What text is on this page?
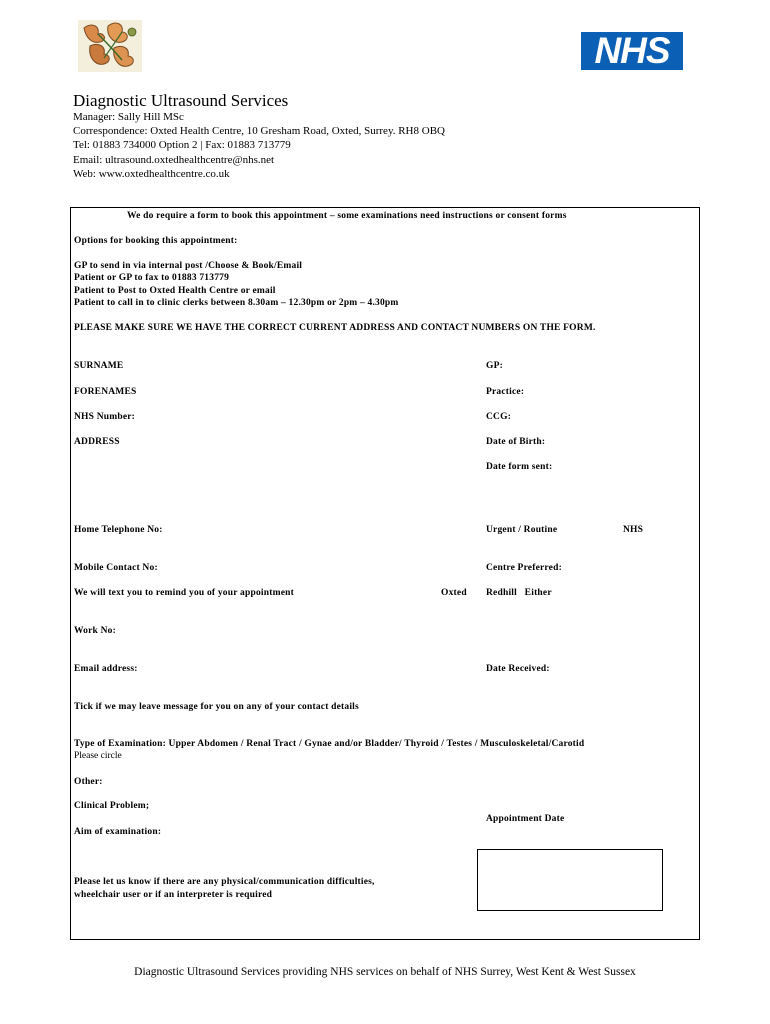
NHS
Diagnostic Ultrasound Services
Manager: Sally Hill MSc
Correspondence: Oxted Health Centre, 10 Gresham Road, Oxted, Surrey. RH8 OBQ
Tel: 01883 734000 Option 2 | Fax: 01883 713779
Email: ultrasound.oxtedhealthcentre@nhs.net
Web: www.oxtedhealthcentre.co.uk
We do require a form to book this appointment – some examinations need instructions or consent forms
Options for booking this appointment:
GP to send in via internal post /Choose & Book/Email
Patient or GP to fax to 01883 713779
Patient to Post to Oxted Health Centre or email
Patient to call in to clinic clerks between 8.30am – 12.30pm or 2pm – 4.30pm
PLEASE MAKE SURE WE HAVE THE CORRECT CURRENT ADDRESS AND CONTACT NUMBERS ON THE FORM.
SURNAME
FORENAMES
NHS Number:
ADDRESS
Home Telephone No:
Mobile Contact No:
We will text you to remind you of your appointment
Work No:
Email address:
Tick if we may leave message for you on any of your contact details
GP:
Practice:
CCG:
Date of Birth:
Date form sent:
Urgent / Routine	NHS
Centre Preferred:
Oxted Redhill   Either
Date Received:
Type of Examination: Upper Abdomen / Renal Tract / Gynae and/or Bladder/ Thyroid / Testes / Musculoskeletal/Carotid
Please circle
Other:
Clinical Problem;
Appointment Date
Aim of examination:
Please let us know if there are any physical/communication difficulties,
wheelchair user or if an interpreter is required
Diagnostic Ultrasound Services providing NHS services on behalf of NHS Surrey, West Kent & West Sussex
